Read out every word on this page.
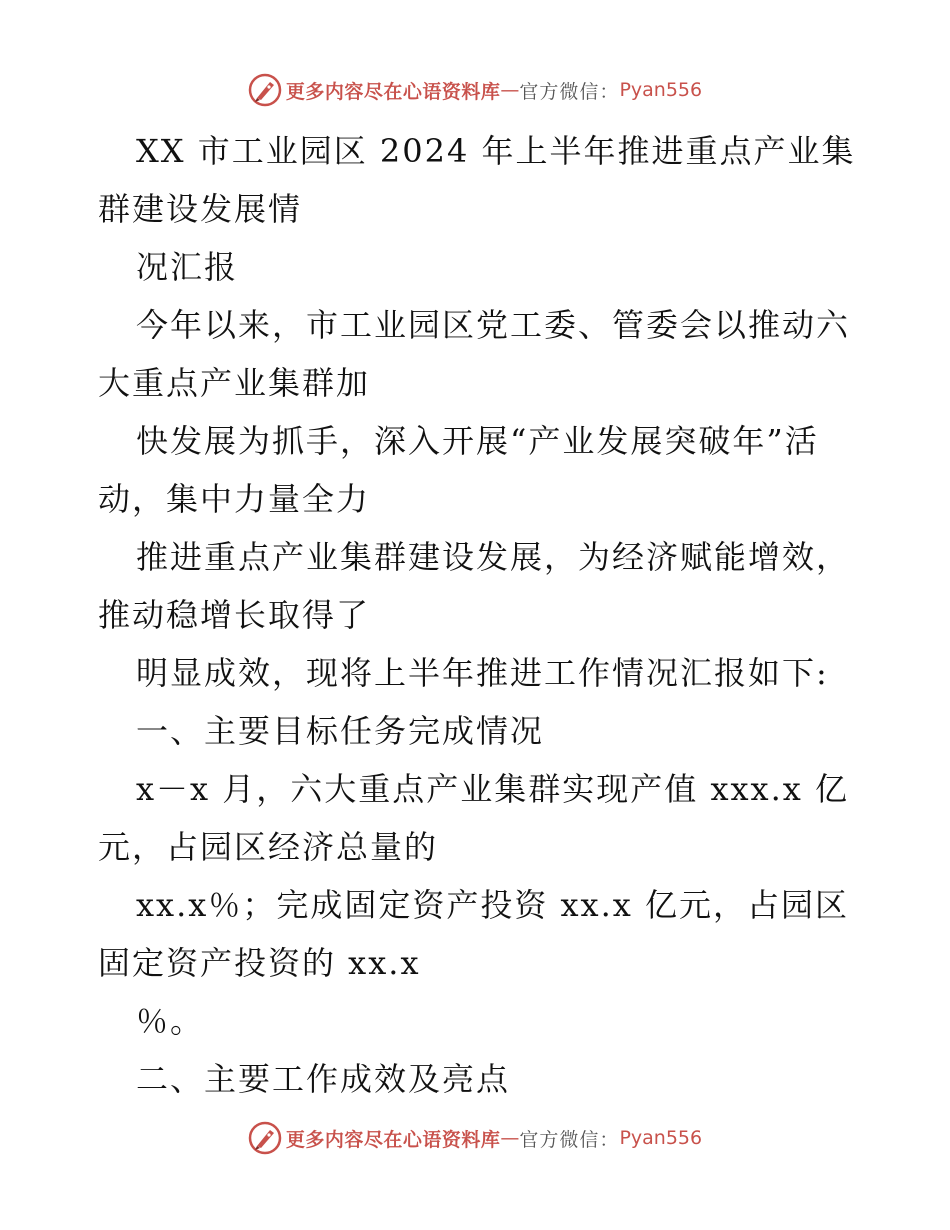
更多内容尽在心语资料库 — 官方微信： Pyan556
XX 市工业园区 2024 年上半年推进重点产业集
群建设发展情
况汇报
今年以来，市工业园区党工委、管委会以推动六
大重点产业集群加
快发展为抓手，深入开展“产业发展突破年”活
动，集中力量全力
推进重点产业集群建设发展，为经济赋能增效，
推动稳增长取得了
明显成效，现将上半年推进工作情况汇报如下:
一、主要目标任务完成情况
x－x 月，六大重点产业集群实现产值 xxx.x 亿
元，占园区经济总量的
xx.x％；完成固定资产投资 xx.x 亿元，占园区
固定资产投资的 xx.x
％。
二、主要工作成效及亮点
更多内容尽在心语资料库 — 官方微信： Pyan556
